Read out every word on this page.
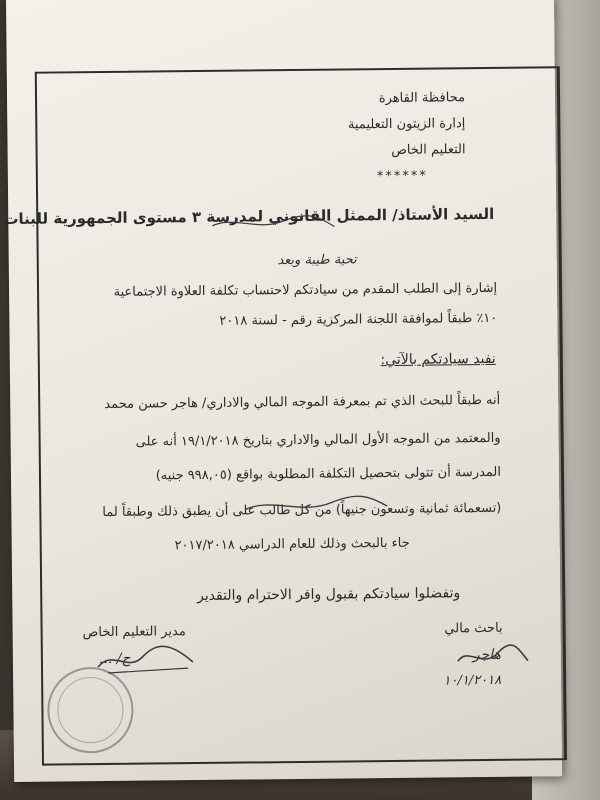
محافظة القاهرة
إدارة الزيتون التعليمية
التعليم الخاص
******
السيد الأستاذ/ الممثل القانوني لمدرسة ٣ مستوى الجمهورية للبنات
تحية طيبة وبعد
إشارة إلى الطلب المقدم من سيادتكم لاحتساب تكلفة العلاوة الاجتماعية
١٠٪ طبقاً لموافقة اللجنة المركزية رقم - لسنة ٢٠١٨
نفيد سيادتكم بالآتي:
أنه طبقاً للبحث الذي تم بمعرفة الموجه المالي والاداري/ هاجر حسن محمد
والمعتمد من الموجه الأول المالي والاداري بتاريخ ١٩/١/٢٠١٨ أنه على
المدرسة أن تتولى بتحصيل التكلفة المطلوبة بواقع (٩٩٨,٠٥ جنيه)
(تسعمائة ثمانية وتسعون جنيهاً) من كل طالب على أن يطبق ذلك وطبقاً لما
جاء بالبحث وذلك للعام الدراسي ٢٠١٧/٢٠١٨
وتفضلوا سيادتكم بقبول وافر الاحترام والتقدير
باحث مالي
هاجر
١٠/١/٢٠١٨
مدير التعليم الخاص
ح/ ...
